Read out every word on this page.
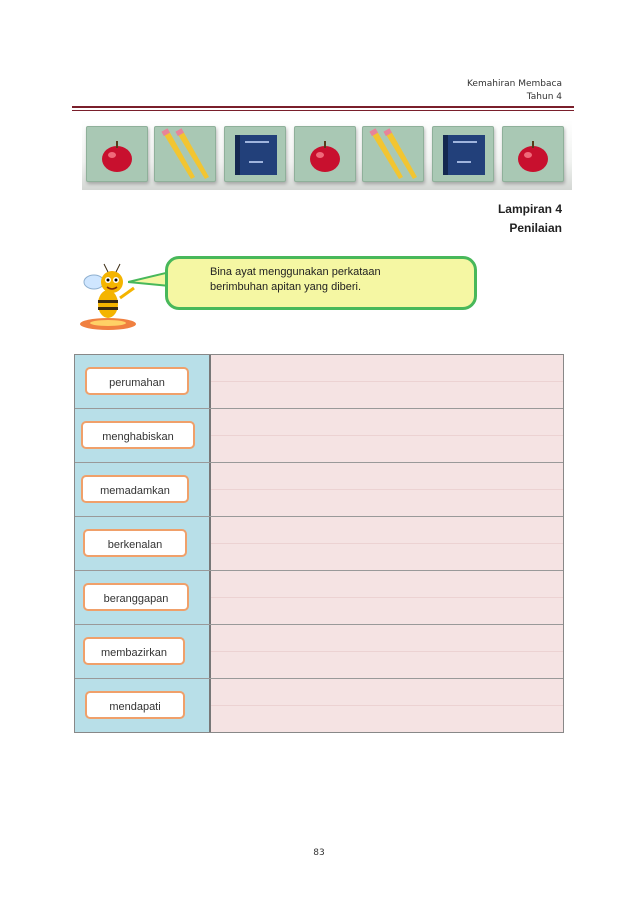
Kemahiran Membaca
Tahun 4
Lampiran 4
Penilaian
Bina ayat menggunakan perkataan
berimbuhan apitan yang diberi.
perumahan
menghabiskan
memadamkan
berkenalan
beranggapan
membazirkan
mendapati
83
